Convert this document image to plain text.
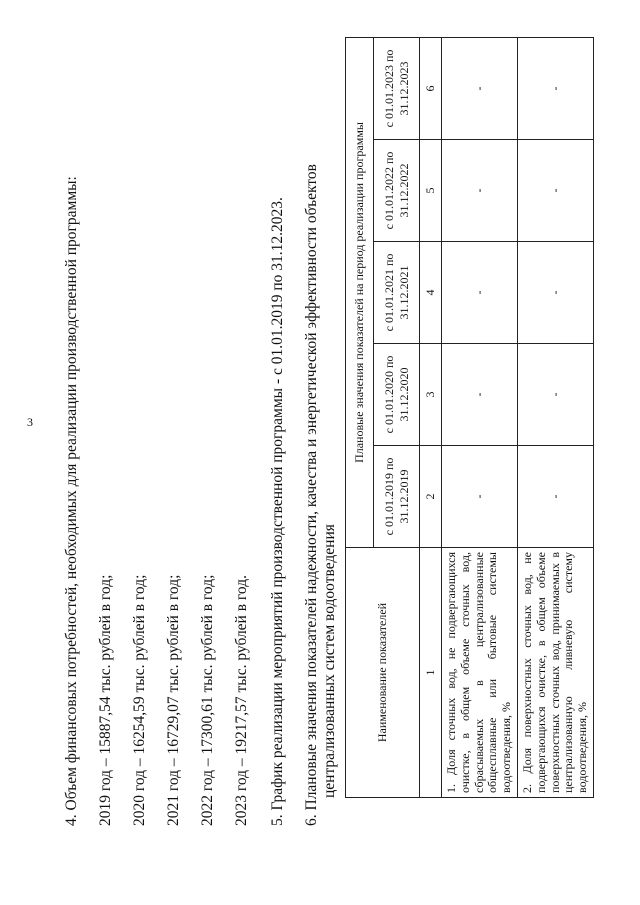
3 4. Объем финансовых потребностей, необходимых для реализации производственной программы: 2019 год – 15887,54 тыс. рублей в год; 2020 год – 16254,59 тыс. рублей в год; 2021 год – 16729,07 тыс. рублей в год; 2022 год – 17300,61 тыс. рублей в год; 2023 год – 19217,57 тыс. рублей в год. 5. График реализации мероприятий производственной программы - с 01.01.2019 по 31.12.2023. 6. Плановые значения показателей надежности, качества и энергетической эффективности объектов централизованных систем водоотведения	Наименование показателей	Плановые значения показателей на период реализации программы				
	с 01.01.2019 по 31.12.2019	с 01.01.2020 по 31.12.2020	с 01.01.2021 по 31.12.2021	с 01.01.2022 по 31.12.2022	с 01.01.2023 по 31.12.2023
1	2	3	4	5	6
1. Доля сточных вод, не подвергающихся очистке, в общем объеме сточных вод, сбрасываемых в централизованные общесплавные или бытовые системы водоотведения, %	-	-	-	-	-
2. Доля поверхностных сточных вод, не подвергающихся очистке, в общем объеме поверхностных сточных вод, принимаемых в централизованную ливневую систему водоотведения, %	-	-	-	-	-
